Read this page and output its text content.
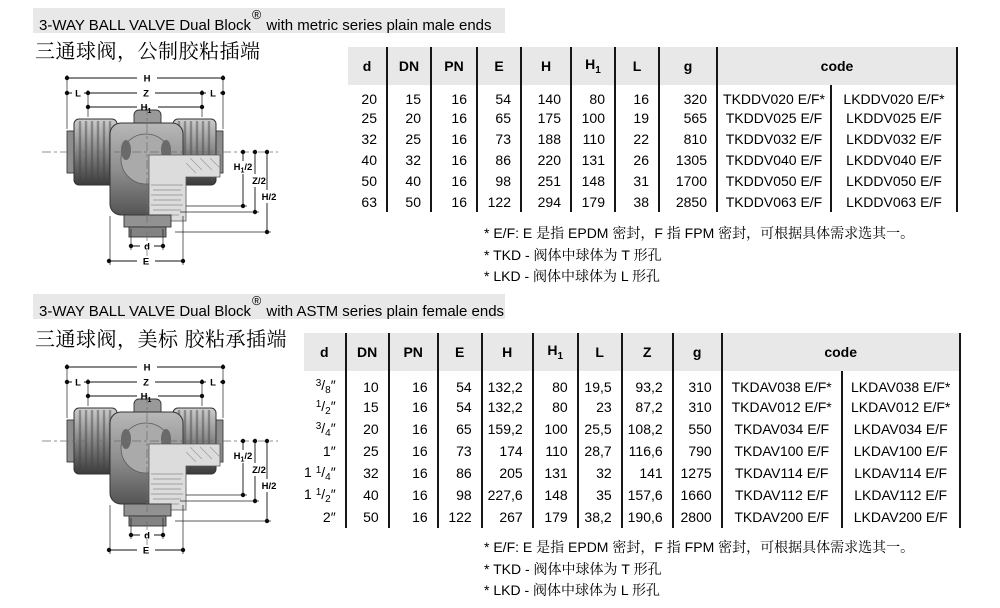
3-WAY BALL VALVE Dual Block® with metric series plain male ends
三通球阀，公制胶粘插端
H
L	Z	L
$H_1$
$H_1/2$
Z/2
H/2
d
E
d	DN	PN	E	H	$H_1$	L	g	code	
20	15	16	54	140	80	16	320	TKDDV020 E/F*	LKDDV020 E/F*
25	20	16	65	175	100	19	565	TKDDV025 E/F	LKDDV025 E/F
32	25	16	73	188	110	22	810	TKDDV032 E/F	LKDDV032 E/F
40	32	16	86	220	131	26	1305	TKDDV040 E/F	LKDDV040 E/F
50	40	16	98	251	148	31	1700	TKDDV050 E/F	LKDDV050 E/F
63	50	16	122	294	179	38	2850	TKDDV063 E/F	LKDDV063 E/F
* E/F: E 是指 EPDM 密封，F 指 FPM 密封，可根据具体需求选其一。
* TKD - 阀体中球体为 T 形孔
* LKD - 阀体中球体为 L 形孔
3-WAY BALL VALVE Dual Block® with ASTM series plain female ends
三通球阀，美标 胶粘承插端
d	DN	PN	E	H	$H_1$	L	Z	g	code	
$^3/_8''$	10	16	54	132,2	80	19,5	93,2	310	TKDAV038 E/F*	LKDAV038 E/F*
$^1/_2''$	15	16	54	132,2	80	23	87,2	310	TKDAV012 E/F*	LKDAV012 E/F*
$^3/_4''$	20	16	65	159,2	100	25,5	108,2	550	TKDAV034 E/F	LKDAV034 E/F
1″	25	16	73	174	110	28,7	116,6	790	TKDAV100 E/F	LKDAV100 E/F
1 $^1/_4''$	32	16	86	205	131	32	141	1275	TKDAV114 E/F	LKDAV114 E/F
1 $^1/_2''$	40	16	98	227,6	148	35	157,6	1660	TKDAV112 E/F	LKDAV112 E/F
2″	50	16	122	267	179	38,2	190,6	2800	TKDAV200 E/F	LKDAV200 E/F
* E/F: E 是指 EPDM 密封，F 指 FPM 密封，可根据具体需求选其一。
* TKD - 阀体中球体为 T 形孔
* LKD - 阀体中球体为 L 形孔
